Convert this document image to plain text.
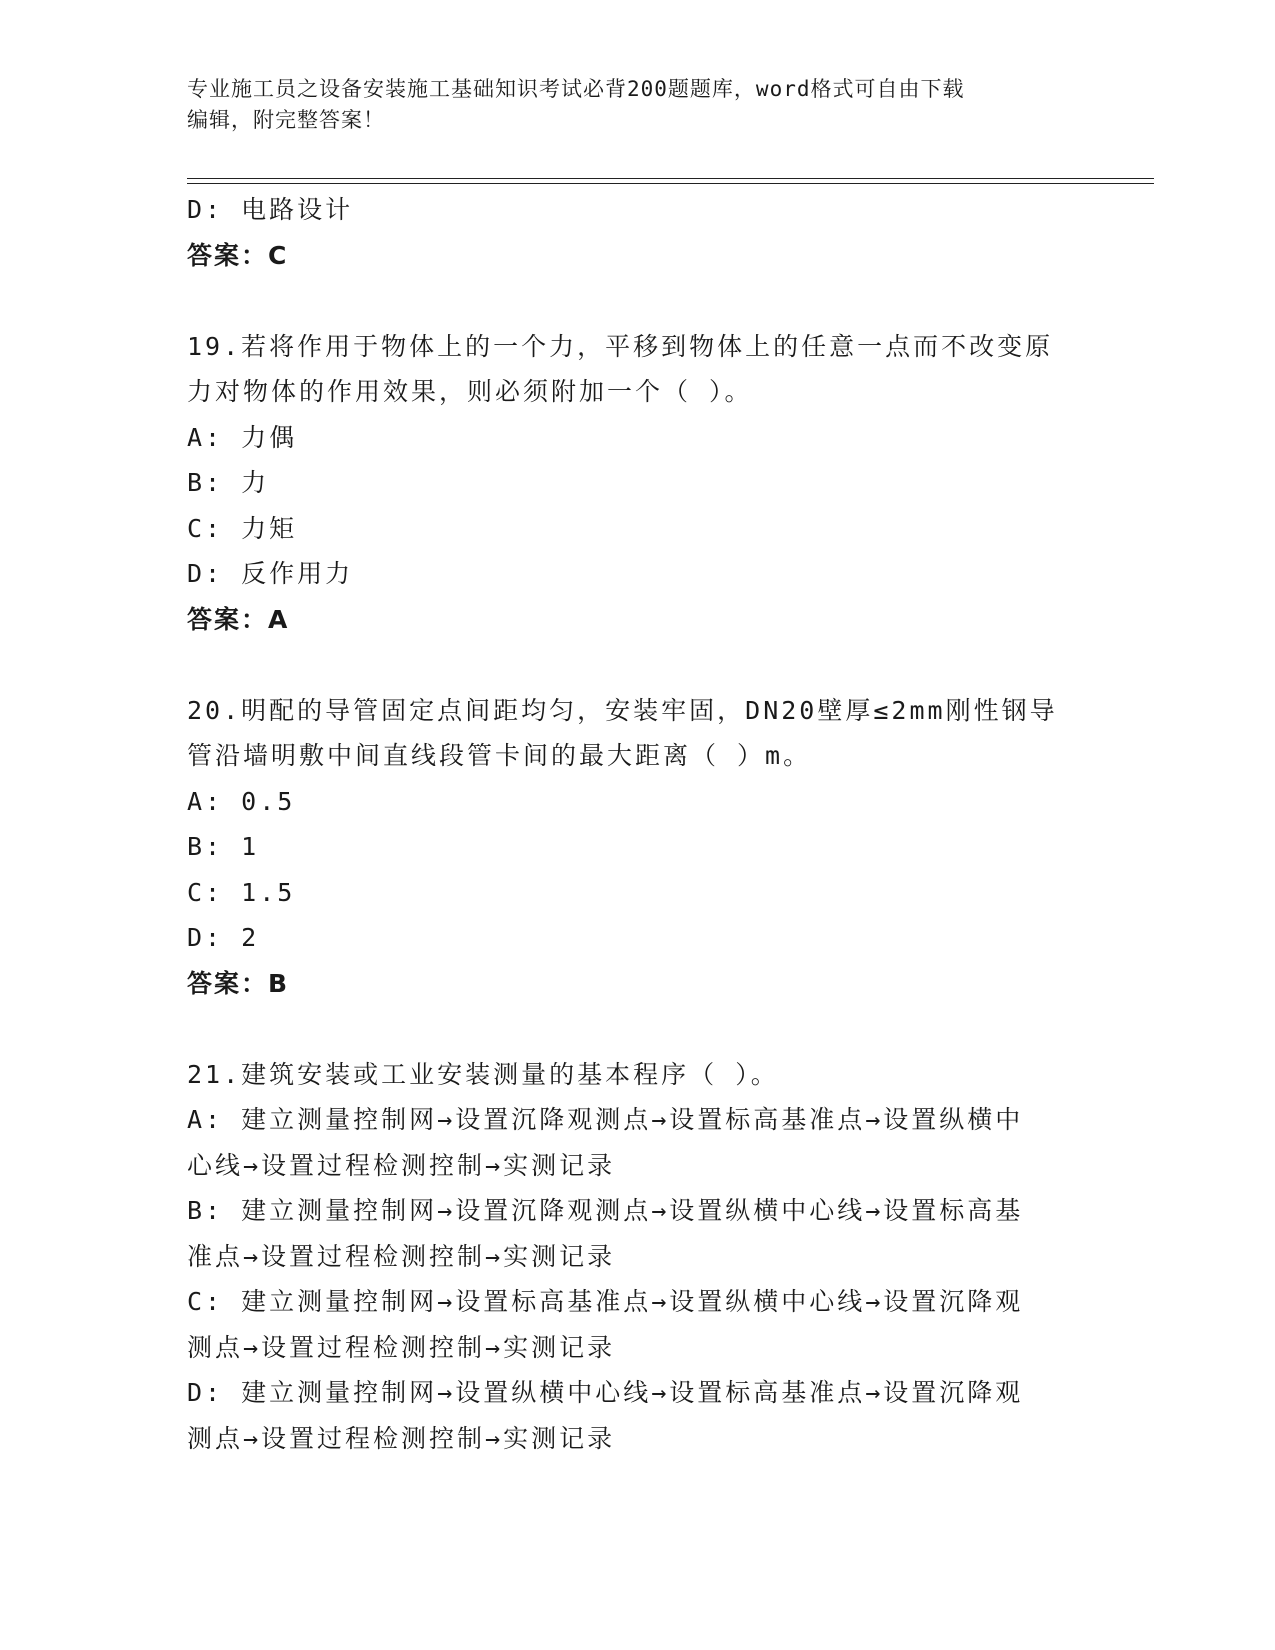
专业施工员之设备安装施工基础知识考试必背200题题库，word格式可自由下载
编辑，附完整答案！
D: 电路设计
答案：C
19.若将作用于物体上的一个力，平移到物体上的任意一点而不改变原
力对物体的作用效果，则必须附加一个（ ）。
A: 力偶
B: 力
C: 力矩
D: 反作用力
答案：A
20.明配的导管固定点间距均匀，安装牢固，DN20壁厚≤2mm刚性钢导
管沿墙明敷中间直线段管卡间的最大距离（ ）m。
A: 0.5
B: 1
C: 1.5
D: 2
答案：B
21.建筑安装或工业安装测量的基本程序（ ）。
A: 建立测量控制网→设置沉降观测点→设置标高基准点→设置纵横中
心线→设置过程检测控制→实测记录
B: 建立测量控制网→设置沉降观测点→设置纵横中心线→设置标高基
准点→设置过程检测控制→实测记录
C: 建立测量控制网→设置标高基准点→设置纵横中心线→设置沉降观
测点→设置过程检测控制→实测记录
D: 建立测量控制网→设置纵横中心线→设置标高基准点→设置沉降观
测点→设置过程检测控制→实测记录
